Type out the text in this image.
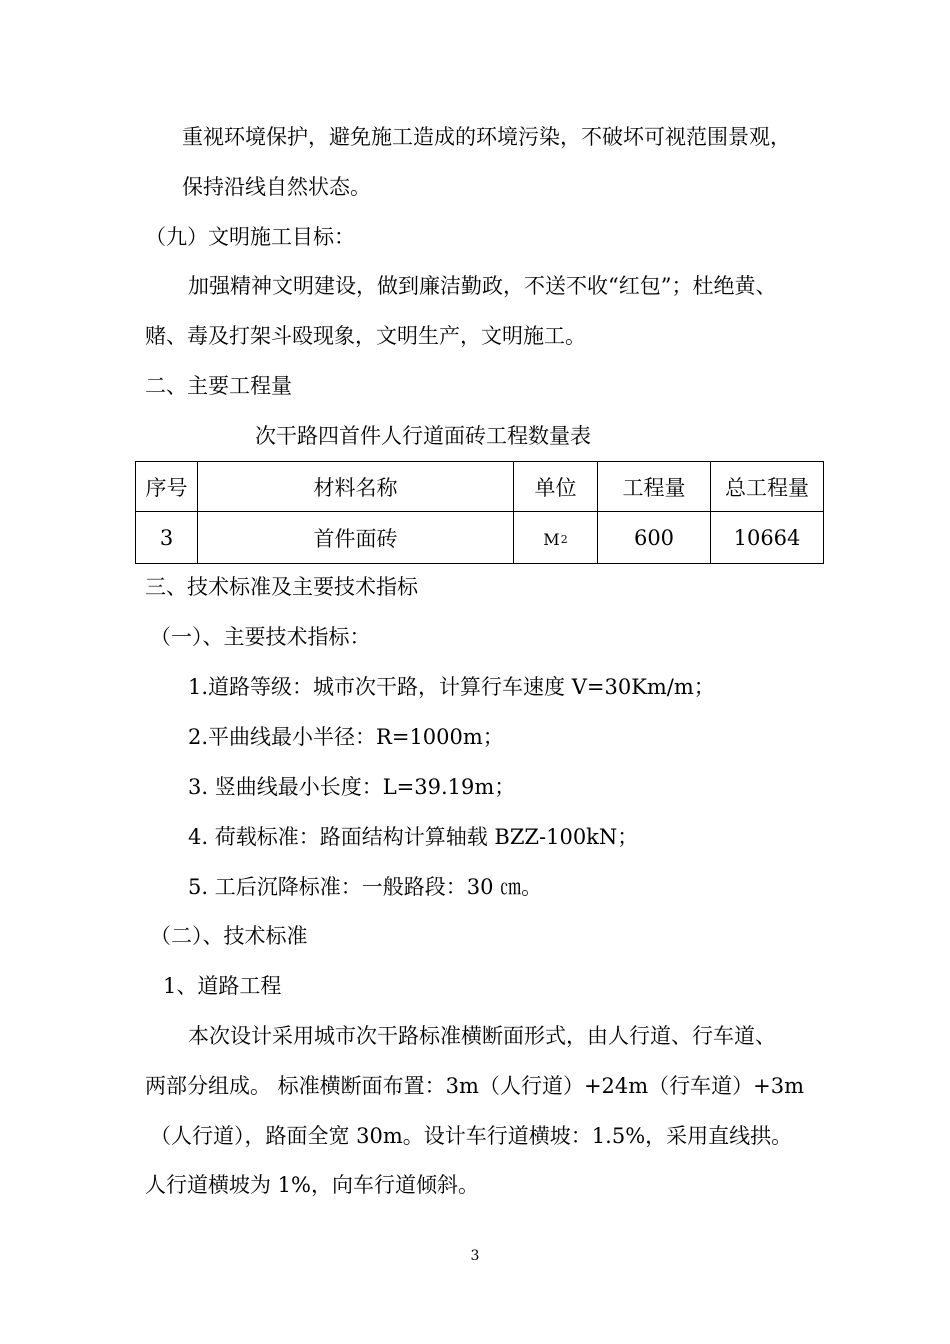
重视环境保护，避免施工造成的环境污染，不破坏可视范围景观，
保持沿线自然状态。
（九）文明施工目标：
加强精神文明建设，做到廉洁勤政，不送不收“红包”；杜绝黄、
赌、毒及打架斗殴现象，文明生产，文明施工。
二、主要工程量
次干路四首件人行道面砖工程数量表
序号	材料名称	单位	工程量	总工程量
3	首件面砖	M2	600	10664
三、技术标准及主要技术指标
（一）、主要技术指标：
1.道路等级：城市次干路，计算行车速度 V=30Km/m；
2.平曲线最小半径：R=1000m；
3. 竖曲线最小长度：L=39.19m；
4. 荷载标准：路面结构计算轴载 BZZ-100kN；
5. 工后沉降标准：一般路段：30 ㎝。
（二）、技术标准
1、道路工程
本次设计采用城市次干路标准横断面形式，由人行道、行车道、
两部分组成。 标准横断面布置：3m（人行道）+24m（行车道）+3m
（人行道），路面全宽 30m。设计车行道横坡：1.5%，采用直线拱。
人行道横坡为 1%，向车行道倾斜。
3
